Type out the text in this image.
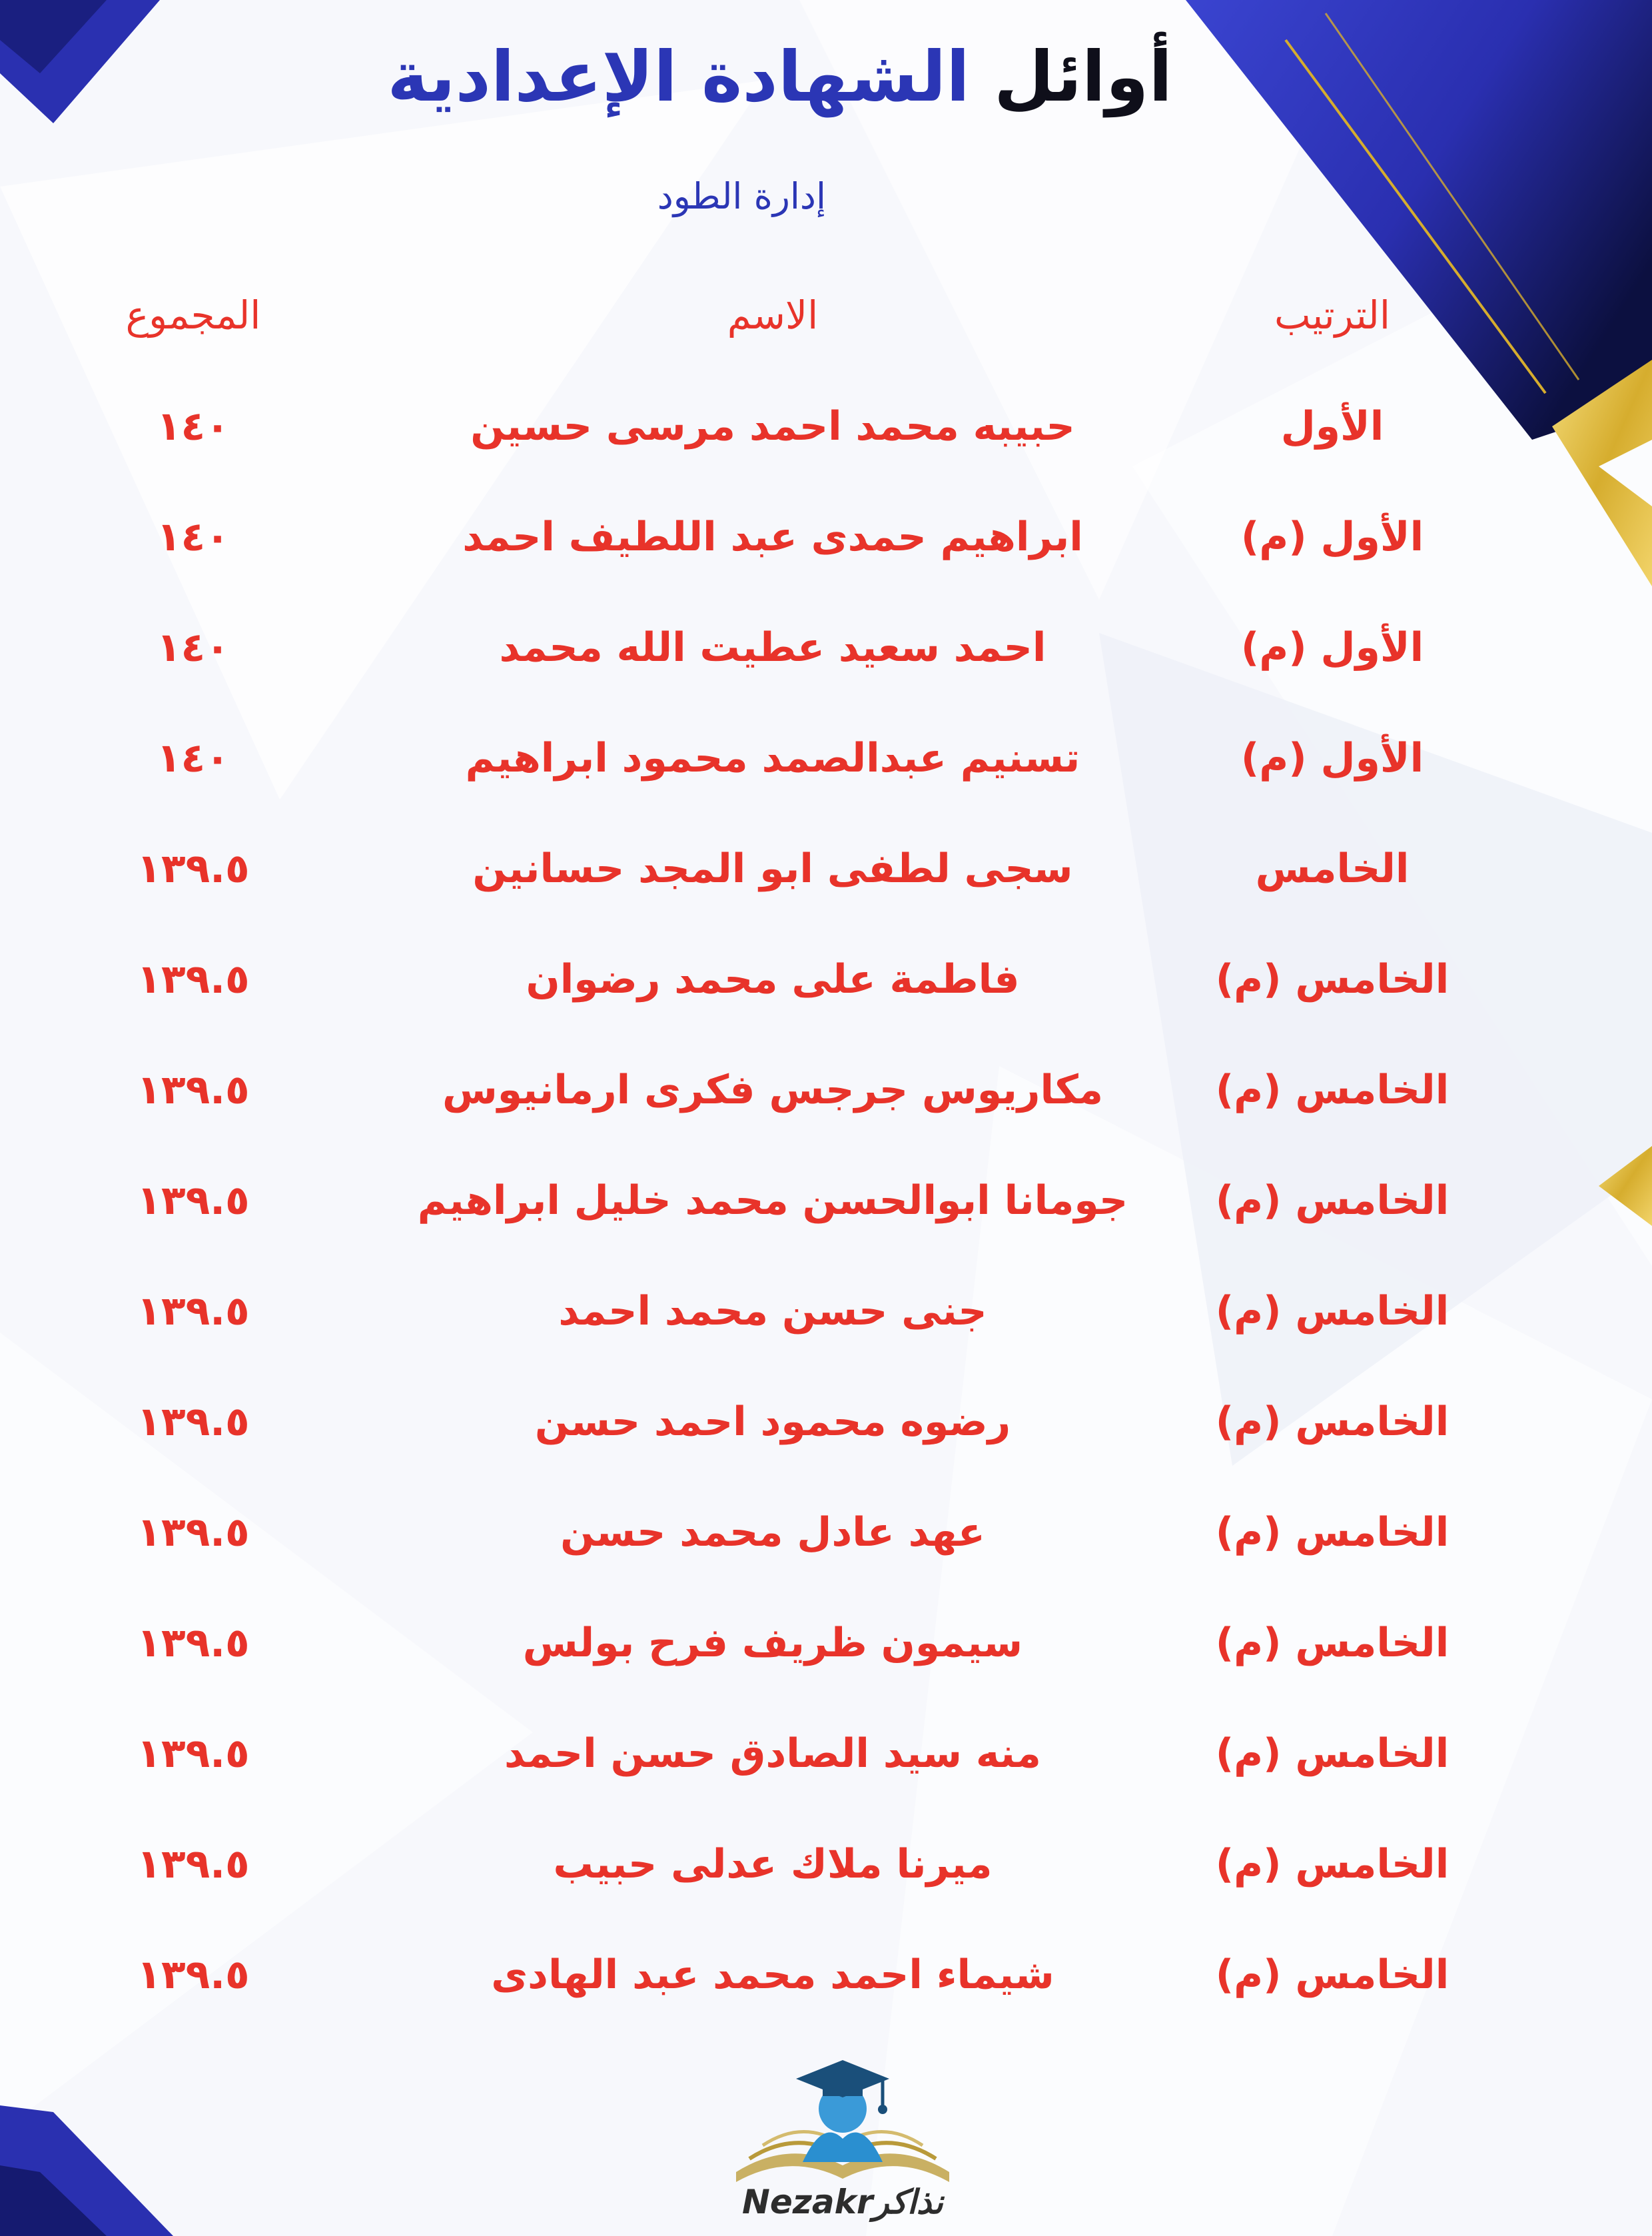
أوائل الشهادة الإعدادية
إدارة الطود
الترتيب
الاسم
المجموع
الأول
حبيبه محمد احمد مرسى حسين
١٤٠
الأول (م)
ابراهيم حمدى عبد اللطيف احمد
١٤٠
الأول (م)
احمد سعيد عطيت الله محمد
١٤٠
الأول (م)
تسنيم عبدالصمد محمود ابراهيم
١٤٠
الخامس
سجى لطفى ابو المجد حسانين
١٣٩.٥
الخامس (م)
فاطمة على محمد رضوان
١٣٩.٥
الخامس (م)
مكاريوس جرجس فكرى ارمانيوس
١٣٩.٥
الخامس (م)
جومانا ابوالحسن محمد خليل ابراهيم
١٣٩.٥
الخامس (م)
جنى حسن محمد احمد
١٣٩.٥
الخامس (م)
رضوه محمود احمد حسن
١٣٩.٥
الخامس (م)
عهد عادل محمد حسن
١٣٩.٥
الخامس (م)
سيمون ظريف فرح بولس
١٣٩.٥
الخامس (م)
منه سيد الصادق حسن احمد
١٣٩.٥
الخامس (م)
ميرنا ملاك عدلى حبيب
١٣٩.٥
الخامس (م)
شيماء احمد محمد عبد الهادى
١٣٩.٥
Nezakrنذاكر
